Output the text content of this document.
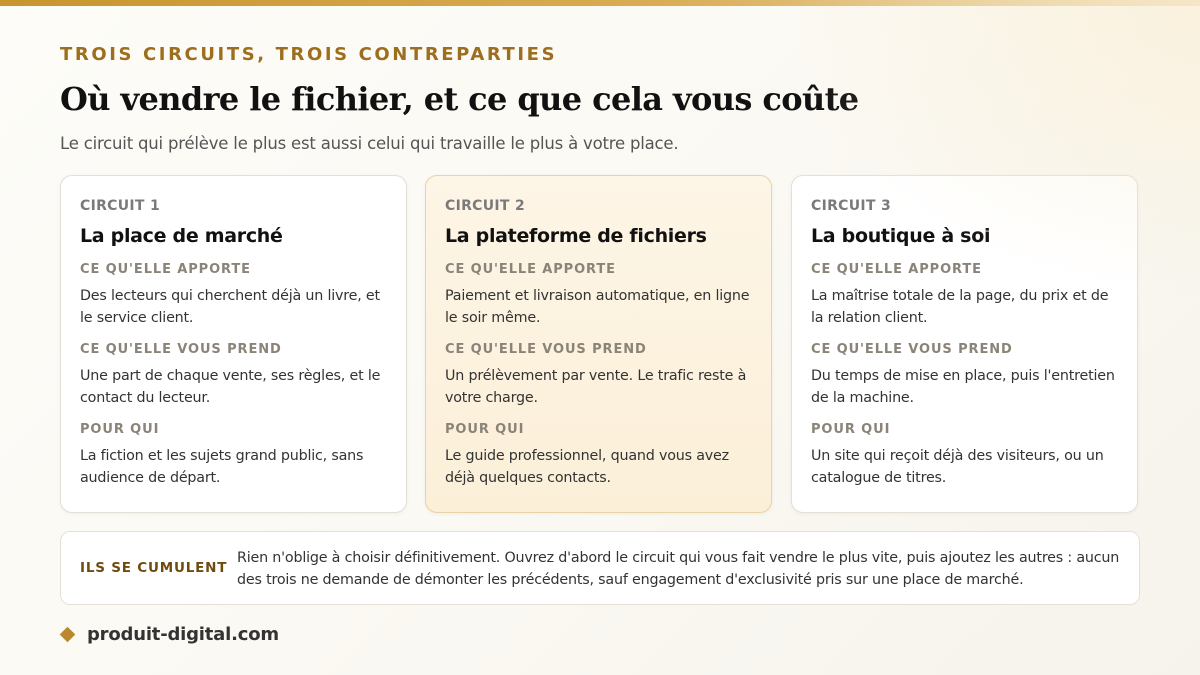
TROIS CIRCUITS, TROIS CONTREPARTIES
Où vendre le fichier, et ce que cela vous coûte
Le circuit qui prélève le plus est aussi celui qui travaille le plus à votre place.
CIRCUIT 1
La place de marché
CE QU'ELLE APPORTE
Des lecteurs qui cherchent déjà un livre, et le service client.
CE QU'ELLE VOUS PREND
Une part de chaque vente, ses règles, et le contact du lecteur.
POUR QUI
La fiction et les sujets grand public, sans audience de départ.
CIRCUIT 2
La plateforme de fichiers
CE QU'ELLE APPORTE
Paiement et livraison automatique, en ligne le soir même.
CE QU'ELLE VOUS PREND
Un prélèvement par vente. Le trafic reste à votre charge.
POUR QUI
Le guide professionnel, quand vous avez déjà quelques contacts.
CIRCUIT 3
La boutique à soi
CE QU'ELLE APPORTE
La maîtrise totale de la page, du prix et de la relation client.
CE QU'ELLE VOUS PREND
Du temps de mise en place, puis l'entretien de la machine.
POUR QUI
Un site qui reçoit déjà des visiteurs, ou un catalogue de titres.
ILS SE CUMULENT
Rien n'oblige à choisir définitivement. Ouvrez d'abord le circuit qui vous fait vendre le plus vite, puis ajoutez les autres : aucun des trois ne demande de démonter les précédents, sauf engagement d'exclusivité pris sur une place de marché.
produit-digital.com
